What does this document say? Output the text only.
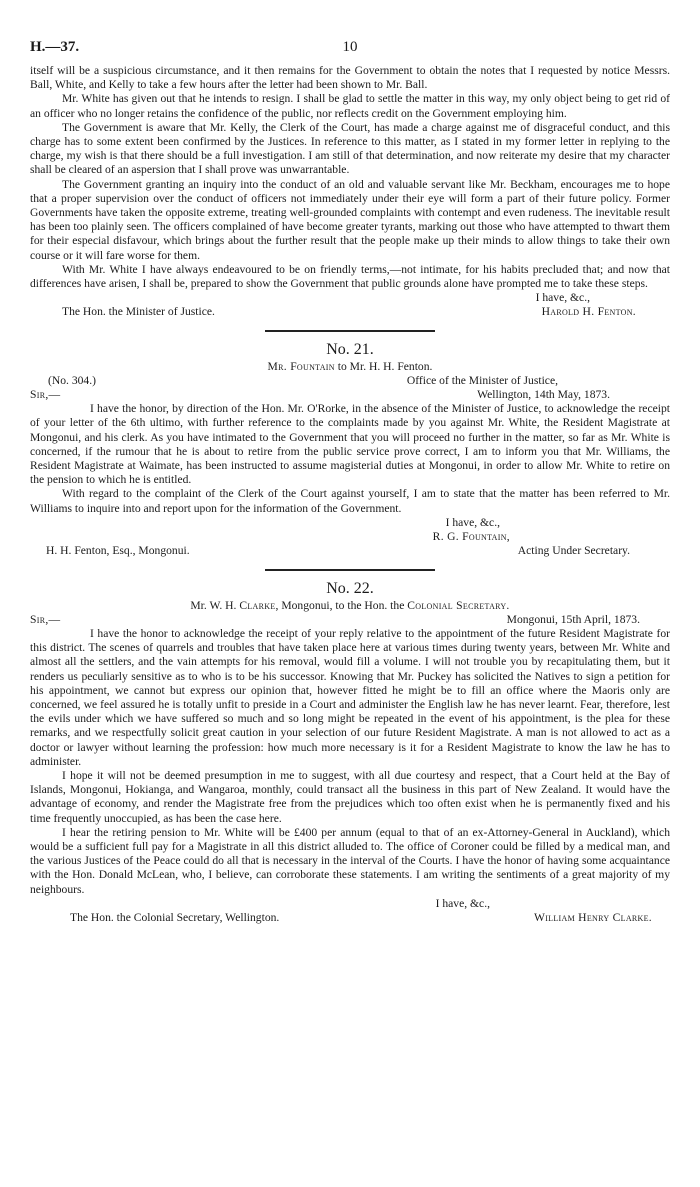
H.—37.	10

itself will be a suspicious circumstance, and it then remains for the Government to obtain the notes that I requested by notice Messrs. Ball, White, and Kelly to take a few hours after the letter had been shown to Mr. Ball.

Mr. White has given out that he intends to resign. I shall be glad to settle the matter in this way, my only object being to get rid of an officer who no longer retains the confidence of the public, nor reflects credit on the Government employing him.

The Government is aware that Mr. Kelly, the Clerk of the Court, has made a charge against me of disgraceful conduct, and this charge has to some extent been confirmed by the Justices. In reference to this matter, as I stated in my former letter in replying to the charge, my wish is that there should be a full investigation. I am still of that determination, and now reiterate my desire that my character shall be cleared of an aspersion that I shall prove was unwarrantable.

The Government granting an inquiry into the conduct of an old and valuable servant like Mr. Beckham, encourages me to hope that a proper supervision over the conduct of officers not immediately under their eye will form a part of their future policy. Former Governments have taken the opposite extreme, treating well-grounded complaints with contempt and even rudeness. The inevitable result has been too plainly seen. The officers complained of have become greater tyrants, marking out those who have attempted to thwart them for their especial disfavour, which brings about the further result that the people make up their minds to allow things to take their own course or it will fare worse for them.

With Mr. White I have always endeavoured to be on friendly terms,—not intimate, for his habits precluded that; and now that differences have arisen, I shall be, prepared to show the Government that public grounds alone have prompted me to take these steps.

I have, &c.,
The Hon. the Minister of Justice.	Harold H. Fenton.
No. 21.
Mr. Fountain to Mr. H. H. Fenton.
(No. 304.)	Office of the Minister of Justice,
Sir,—	Wellington, 14th May, 1873.

I have the honor, by direction of the Hon. Mr. O'Rorke, in the absence of the Minister of Justice, to acknowledge the receipt of your letter of the 6th ultimo, with further reference to the complaints made by you against Mr. White, the Resident Magistrate at Mongonui, and his clerk. As you have intimated to the Government that you will proceed no further in the matter, so far as Mr. White is concerned, if the rumour that he is about to retire from the public service prove correct, I am to inform you that Mr. Williams, the Resident Magistrate at Waimate, has been instructed to assume magisterial duties at Mongonui, in order to allow Mr. White to retire on the pension to which he is entitled.

With regard to the complaint of the Clerk of the Court against yourself, I am to state that the matter has been referred to Mr. Williams to inquire into and report upon for the information of the Government.

I have, &c.,
R. G. Fountain,
H. H. Fenton, Esq., Mongonui.	Acting Under Secretary.
No. 22.
Mr. W. H. Clarke, Mongonui, to the Hon. the Colonial Secretary.
Sir,—	Mongonui, 15th April, 1873.

I have the honor to acknowledge the receipt of your reply relative to the appointment of the future Resident Magistrate for this district. The scenes of quarrels and troubles that have taken place here at various times during twenty years, between Mr. White and almost all the settlers, and the vain attempts for his removal, would fill a volume. I will not trouble you by recapitulating them, but it renders us peculiarly sensitive as to who is to be his successor. Knowing that Mr. Puckey has solicited the Natives to sign a petition for his appointment, we cannot but express our opinion that, however fitted he might be to fill an office where the Maoris only are concerned, we feel assured he is totally unfit to preside in a Court and administer the English law he has never learnt. Fear, therefore, lest the evils under which we have suffered so much and so long might be repeated in the event of his appointment, is the plea for these remarks, and we respectfully solicit great caution in your selection of our future Resident Magistrate. A man is not allowed to act as a doctor or lawyer without learning the profession: how much more necessary is it for a Resident Magistrate to know the law he has to administer.

I hope it will not be deemed presumption in me to suggest, with all due courtesy and respect, that a Court held at the Bay of Islands, Mongonui, Hokianga, and Wangaroa, monthly, could transact all the business in this part of New Zealand. It would have the advantage of economy, and render the Magistrate free from the prejudices which too often exist when he is permanently fixed and his time frequently unoccupied, as has been the case here.

I hear the retiring pension to Mr. White will be £400 per annum (equal to that of an ex-Attorney-General in Auckland), which would be a sufficient full pay for a Magistrate in all this district alluded to. The office of Coroner could be filled by a medical man, and the various Justices of the Peace could do all that is necessary in the interval of the Courts. I have the honor of having some acquaintance with the Hon. Donald McLean, who, I believe, can corroborate these statements. I am writing the sentiments of a great majority of my neighbours.

I have, &c.,
The Hon. the Colonial Secretary, Wellington.	William Henry Clarke.
